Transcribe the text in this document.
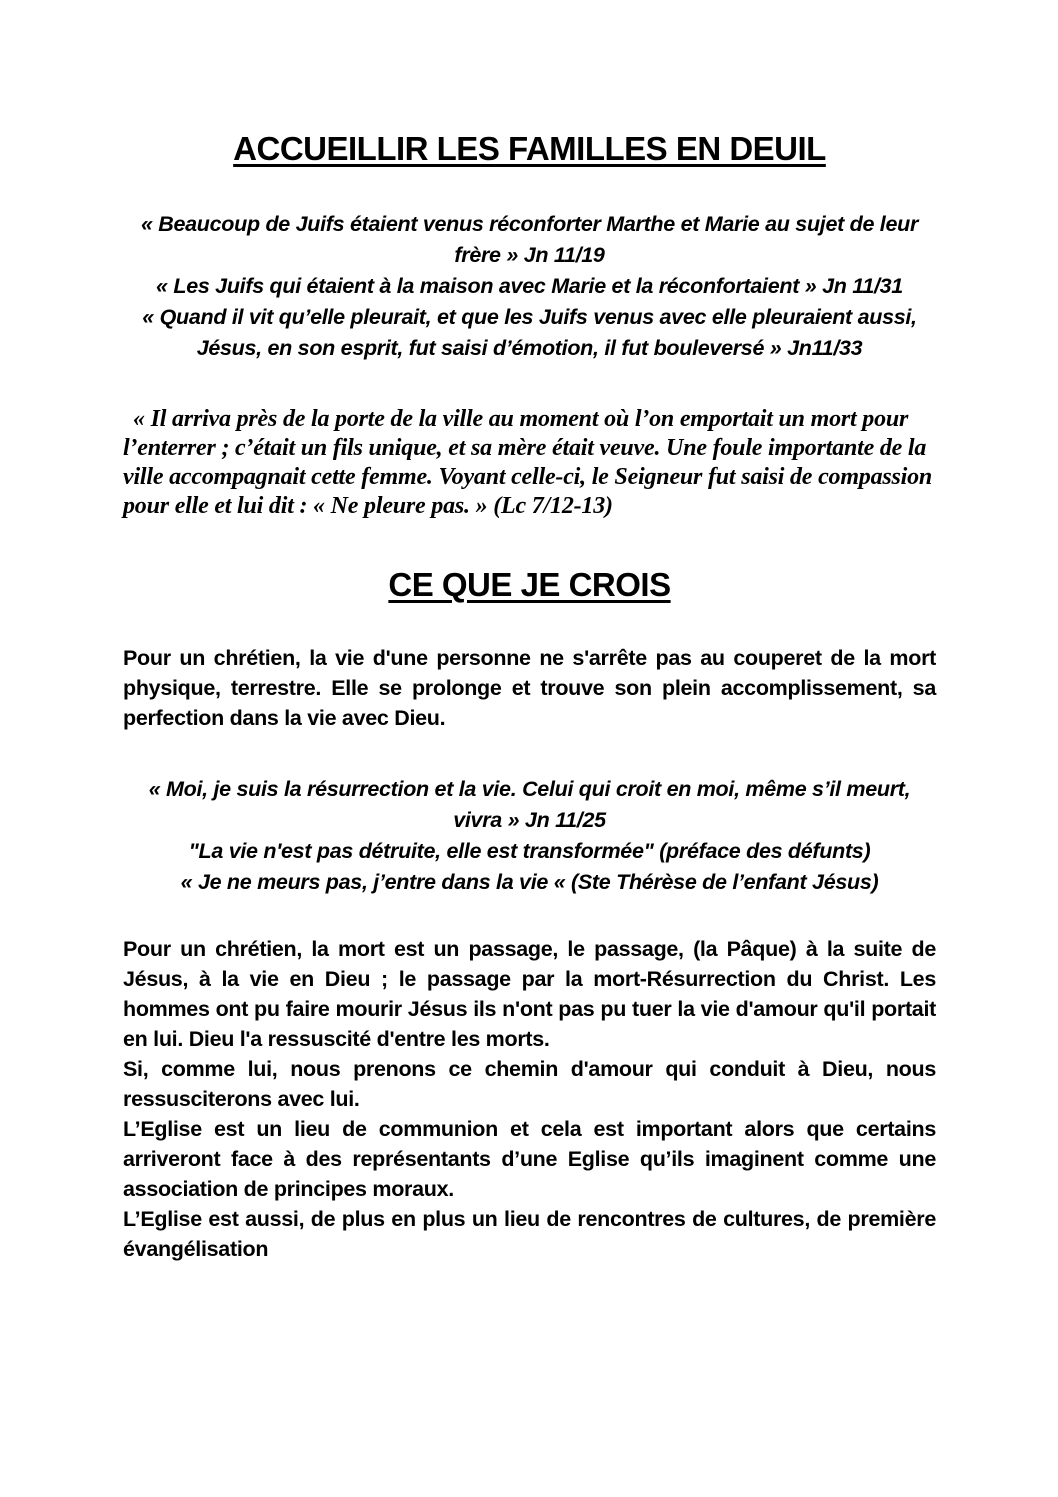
ACCUEILLIR LES FAMILLES EN DEUIL

« Beaucoup de Juifs étaient venus réconforter Marthe et Marie au sujet de leur frère » Jn 11/19

« Les Juifs qui étaient à la maison avec Marie et la réconfortaient » Jn 11/31

« Quand il vit qu’elle pleurait, et que les Juifs venus avec elle pleuraient aussi, Jésus, en son esprit, fut saisi d’émotion, il fut bouleversé » Jn11/33

« Il arriva près de la porte de la ville au moment où l’on emportait un mort pour l’enterrer ; c’était un fils unique, et sa mère était veuve. Une foule importante de la ville accompagnait cette femme. Voyant celle-ci, le Seigneur fut saisi de compassion pour elle et lui dit : « Ne pleure pas. » (Lc 7/12-13)

CE QUE JE CROIS

Pour un chrétien, la vie d'une personne ne s'arrête pas au couperet de la mort physique, terrestre. Elle se prolonge et trouve son plein accomplissement, sa perfection dans la vie avec Dieu.

« Moi, je suis la résurrection et la vie. Celui qui croit en moi, même s’il meurt, vivra » Jn 11/25

"La vie n'est pas détruite, elle est transformée" (préface des défunts)

« Je ne meurs pas, j’entre dans la vie « (Ste Thérèse de l’enfant Jésus)

Pour un chrétien, la mort est un passage, le passage, (la Pâque) à la suite de Jésus, à la vie en Dieu ; le passage par la mort-Résurrection du Christ. Les hommes ont pu faire mourir Jésus ils n'ont pas pu tuer la vie d'amour qu'il portait en lui. Dieu l'a ressuscité d'entre les morts.

Si, comme lui, nous prenons ce chemin d'amour qui conduit à Dieu, nous ressusciterons avec lui.

L’Eglise est un lieu de communion et cela est important alors que certains arriveront face à des représentants d’une Eglise qu’ils imaginent comme une association de principes moraux.

L’Eglise est aussi, de plus en plus un lieu de rencontres de cultures, de première évangélisation
